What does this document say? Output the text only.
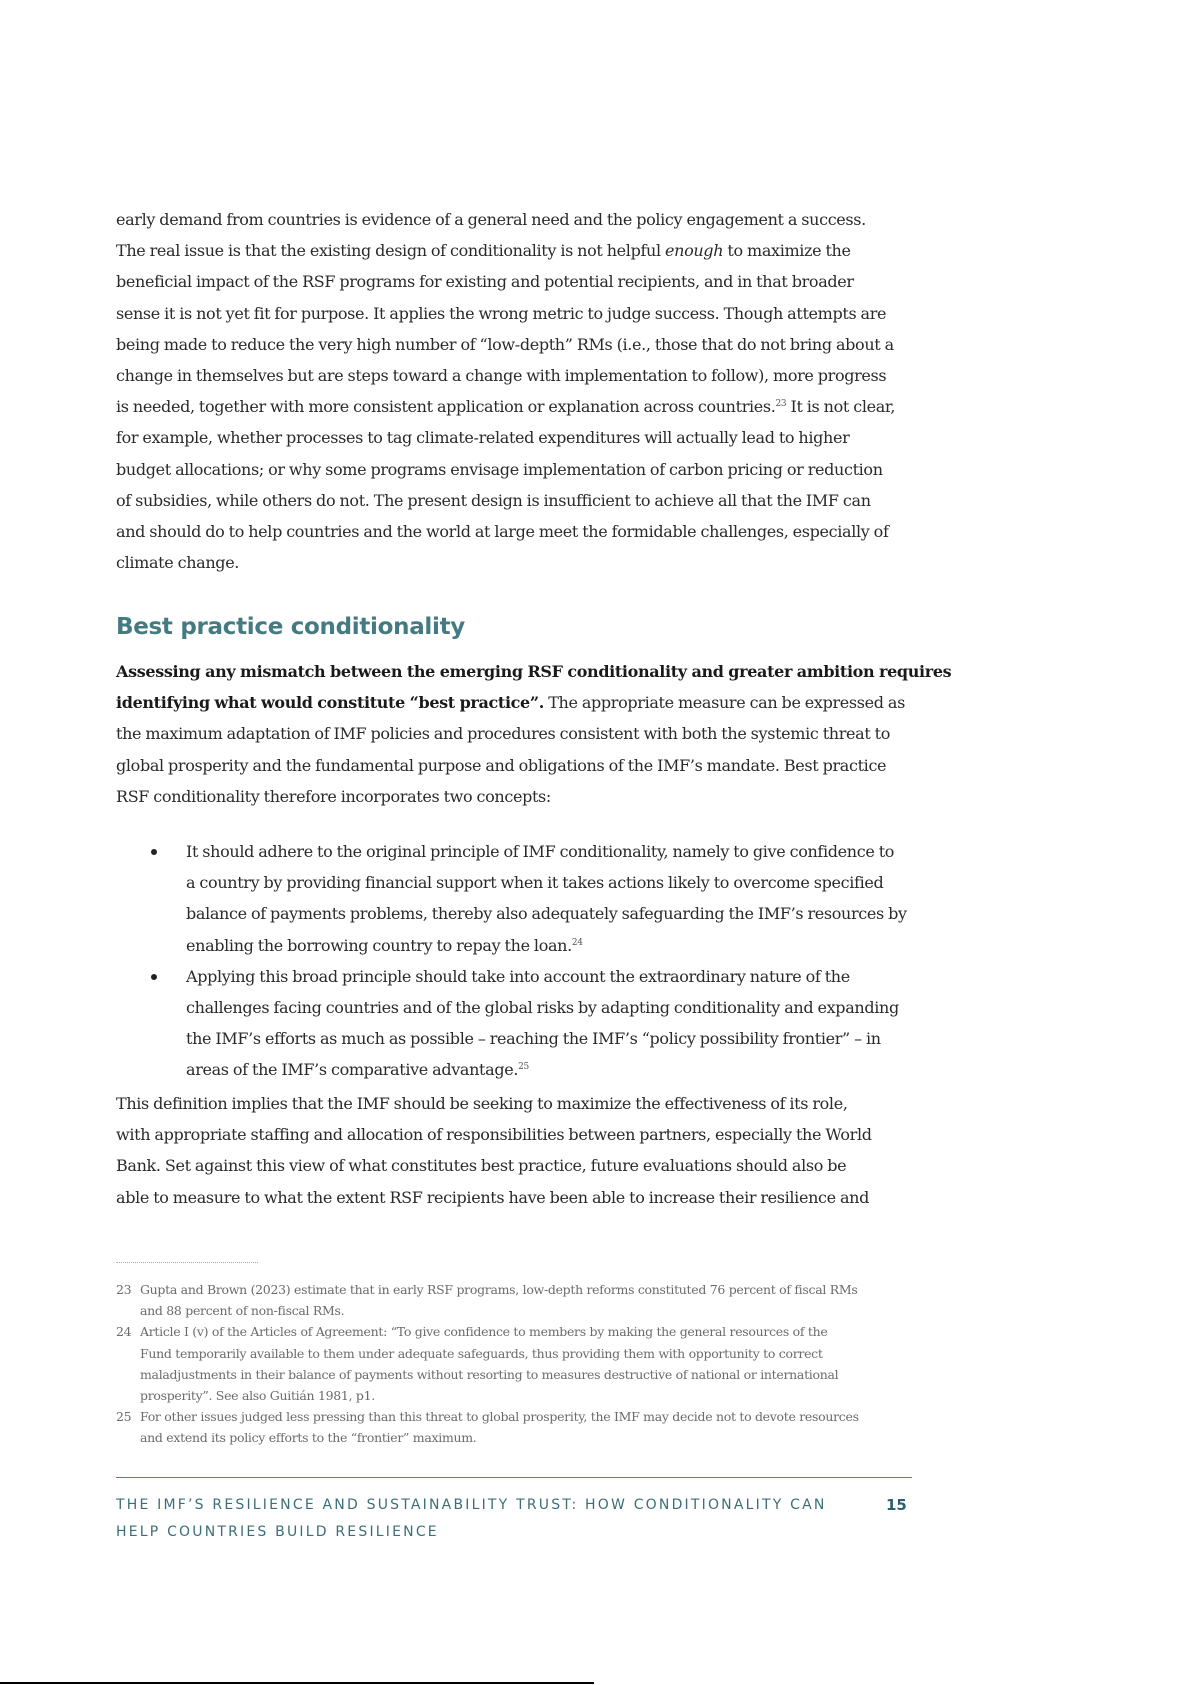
early demand from countries is evidence of a general need and the policy engagement a success.
The real issue is that the existing design of conditionality is not helpful enough to maximize the
beneficial impact of the RSF programs for existing and potential recipients, and in that broader
sense it is not yet fit for purpose. It applies the wrong metric to judge success. Though attempts are
being made to reduce the very high number of “low-depth” RMs (i.e., those that do not bring about a
change in themselves but are steps toward a change with implementation to follow), more progress
is needed, together with more consistent application or explanation across countries.$^{23}$ It is not clear,
for example, whether processes to tag climate-related expenditures will actually lead to higher
budget allocations; or why some programs envisage implementation of carbon pricing or reduction
of subsidies, while others do not. The present design is insufficient to achieve all that the IMF can
and should do to help countries and the world at large meet the formidable challenges, especially of
climate change.

Best practice conditionality

Assessing any mismatch between the emerging RSF conditionality and greater ambition requires
identifying what would constitute “best practice”. The appropriate measure can be expressed as
the maximum adaptation of IMF policies and procedures consistent with both the systemic threat to
global prosperity and the fundamental purpose and obligations of the IMF’s mandate. Best practice
RSF conditionality therefore incorporates two concepts:

It should adhere to the original principle of IMF conditionality, namely to give confidence to
a country by providing financial support when it takes actions likely to overcome specified
balance of payments problems, thereby also adequately safeguarding the IMF’s resources by
enabling the borrowing country to repay the loan.$^{24}$
Applying this broad principle should take into account the extraordinary nature of the
challenges facing countries and of the global risks by adapting conditionality and expanding
the IMF’s efforts as much as possible – reaching the IMF’s “policy possibility frontier” – in
areas of the IMF’s comparative advantage.$^{25}$

This definition implies that the IMF should be seeking to maximize the effectiveness of its role,
with appropriate staffing and allocation of responsibilities between partners, especially the World
Bank. Set against this view of what constitutes best practice, future evaluations should also be
able to measure to what the extent RSF recipients have been able to increase their resilience and

23 Gupta and Brown (2023) estimate that in early RSF programs, low-depth reforms constituted 76 percent of fiscal RMs
and 88 percent of non-fiscal RMs.
24 Article I (v) of the Articles of Agreement: “To give confidence to members by making the general resources of the
Fund temporarily available to them under adequate safeguards, thus providing them with opportunity to correct
maladjustments in their balance of payments without resorting to measures destructive of national or international
prosperity”. See also Guitián 1981, p1.
25 For other issues judged less pressing than this threat to global prosperity, the IMF may decide not to devote resources
and extend its policy efforts to the “frontier” maximum.
THE IMF’S RESILIENCE AND SUSTAINABILITY TRUST: HOW CONDITIONALITY CAN
HELP COUNTRIES BUILD RESILIENCE
15
